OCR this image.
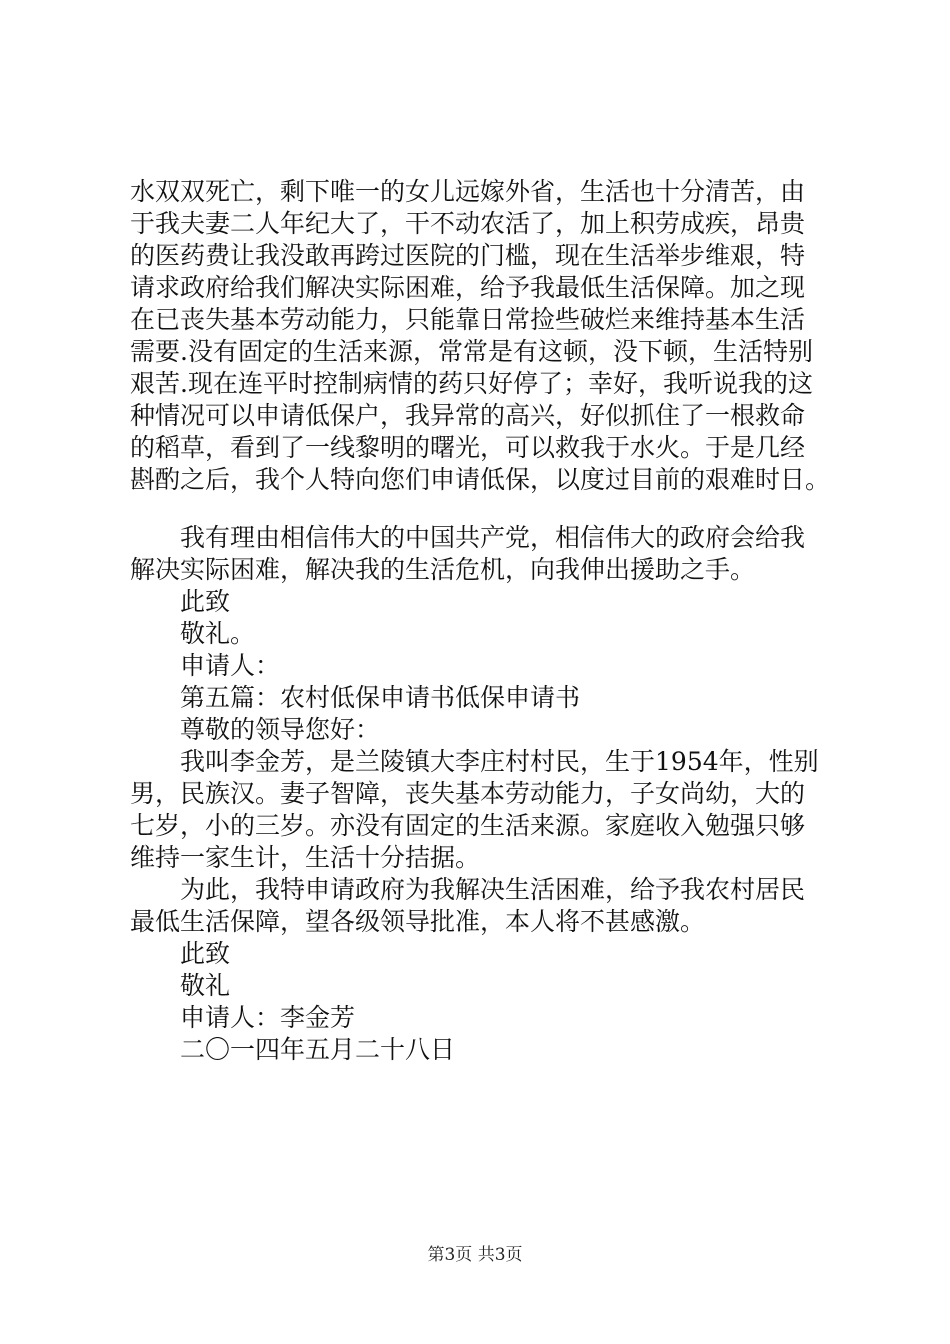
水双双死亡，剩下唯一的女儿远嫁外省，生活也十分清苦，由
于我夫妻二人年纪大了，干不动农活了，加上积劳成疾，昂贵
的医药费让我没敢再跨过医院的门槛，现在生活举步维艰，特
请求政府给我们解决实际困难，给予我最低生活保障。加之现
在已丧失基本劳动能力，只能靠日常捡些破烂来维持基本生活
需要.没有固定的生活来源，常常是有这顿，没下顿，生活特别
艰苦.现在连平时控制病情的药只好停了；幸好，我听说我的这
种情况可以申请低保户，我异常的高兴，好似抓住了一根救命
的稻草，看到了一线黎明的曙光，可以救我于水火。于是几经
斟酌之后，我个人特向您们申请低保，以度过目前的艰难时日。
我有理由相信伟大的中国共产党，相信伟大的政府会给我
解决实际困难，解决我的生活危机，向我伸出援助之手。
此致
敬礼。
申请人：
第五篇：农村低保申请书低保申请书
尊敬的领导您好：
我叫李金芳，是兰陵镇大李庄村村民，生于1954年，性别
男，民族汉。妻子智障，丧失基本劳动能力，子女尚幼，大的
七岁，小的三岁。亦没有固定的生活来源。家庭收入勉强只够
维持一家生计，生活十分拮据。
为此，我特申请政府为我解决生活困难，给予我农村居民
最低生活保障，望各级领导批准，本人将不甚感激。
此致
敬礼
申请人：李金芳
二〇一四年五月二十八日
第3页 共3页
